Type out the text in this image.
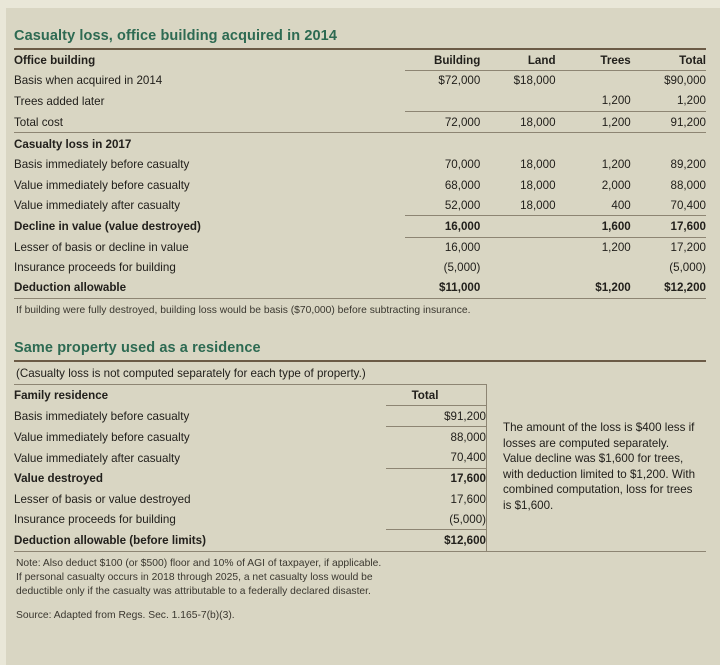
Casualty loss, office building acquired in 2014
Office building	Building	Land	Trees	Total
Basis when acquired in 2014	$72,000	$18,000		$90,000
Trees added later			1,200	1,200
Total cost	72,000	18,000	1,200	91,200
Casualty loss in 2017				
Basis immediately before casualty	70,000	18,000	1,200	89,200
Value immediately before casualty	68,000	18,000	2,000	88,000
Value immediately after casualty	52,000	18,000	400	70,400
Decline in value (value destroyed)	16,000		1,600	17,600
Lesser of basis or decline in value	16,000		1,200	17,200
Insurance proceeds for building	(5,000)			(5,000)
Deduction allowable	$11,000		$1,200	$12,200
If building were fully destroyed, building loss would be basis ($70,000) before subtracting insurance.
Same property used as a residence
(Casualty loss is not computed separately for each type of property.)
Family residence	Total
Basis immediately before casualty	$91,200
Value immediately before casualty	88,000
Value immediately after casualty	70,400
Value destroyed	17,600
Lesser of basis or value destroyed	17,600
Insurance proceeds for building	(5,000)
Deduction allowable (before limits)	$12,600
The amount of the loss is $400 less if losses are computed separately. Value decline was $1,600 for trees, with deduction limited to $1,200. With combined computation, loss for trees is $1,600.
Note: Also deduct $100 (or $500) floor and 10% of AGI of taxpayer, if applicable.
If personal casualty occurs in 2018 through 2025, a net casualty loss would be
deductible only if the casualty was attributable to a federally declared disaster.
Source: Adapted from Regs. Sec. 1.165-7(b)(3).
